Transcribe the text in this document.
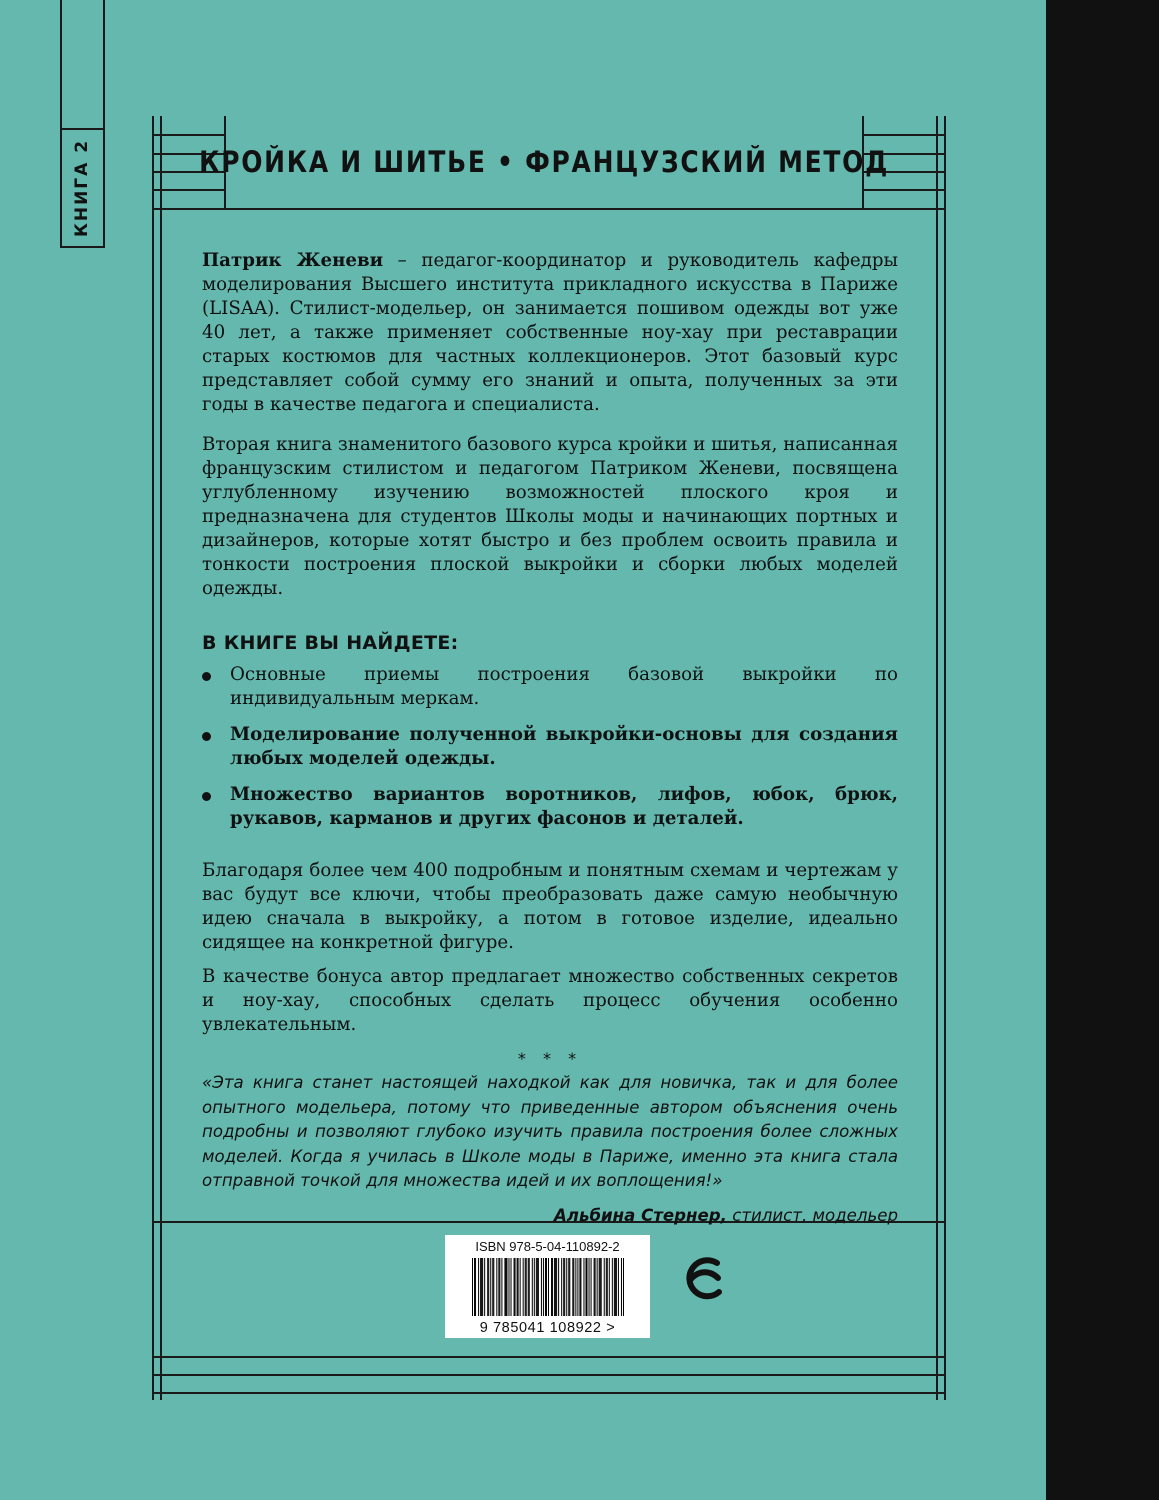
КНИГА 2	КРОЙКА И ШИТЬЕ • ФРАНЦУЗСКИЙ МЕТОД

Патрик Женеви – педагог-координатор и руководитель кафедры моделирования Высшего института прикладного искусства в Париже (LISAA). Стилист-модельер, он занимается пошивом одежды вот уже 40 лет, а также применяет собственные ноу-хау при реставрации старых костюмов для частных коллекционеров. Этот базовый курс представляет собой сумму его знаний и опыта, полученных за эти годы в качестве педагога и специалиста.

Вторая книга знаменитого базового курса кройки и шитья, написанная французским стилистом и педагогом Патриком Женеви, посвящена углубленному изучению возможностей плоского кроя и предназначена для студентов Школы моды и начинающих портных и дизайнеров, которые хотят быстро и без проблем освоить правила и тонкости построения плоской выкройки и сборки любых моделей одежды.

В КНИГЕ ВЫ НАЙДЕТЕ:

Основные приемы построения базовой выкройки по индивидуальным меркам.
Моделирование полученной выкройки-основы для создания любых моделей одежды.
Множество вариантов воротников, лифов, юбок, брюк, рукавов, карманов и других фасонов и деталей.

Благодаря более чем 400 подробным и понятным схемам и чертежам у вас будут все ключи, чтобы преобразовать даже самую необычную идею сначала в выкройку, а потом в готовое изделие, идеально сидящее на конкретной фигуре.

В качестве бонуса автор предлагает множество собственных секретов и ноу-хау, способных сделать процесс обучения особенно увлекательным.

* * *

«Эта книга станет настоящей находкой как для новичка, так и для более опытного модельера, потому что приведенные автором объяснения очень подробны и позволяют глубоко изучить правила построения более сложных моделей. Когда я училась в Школе моды в Париже, именно эта книга стала отправной точкой для множества идей и их воплощения!»

Альбина Стернер, стилист, модельер

ISBN 978-5-04-110892-2
9 785041 108922 >
